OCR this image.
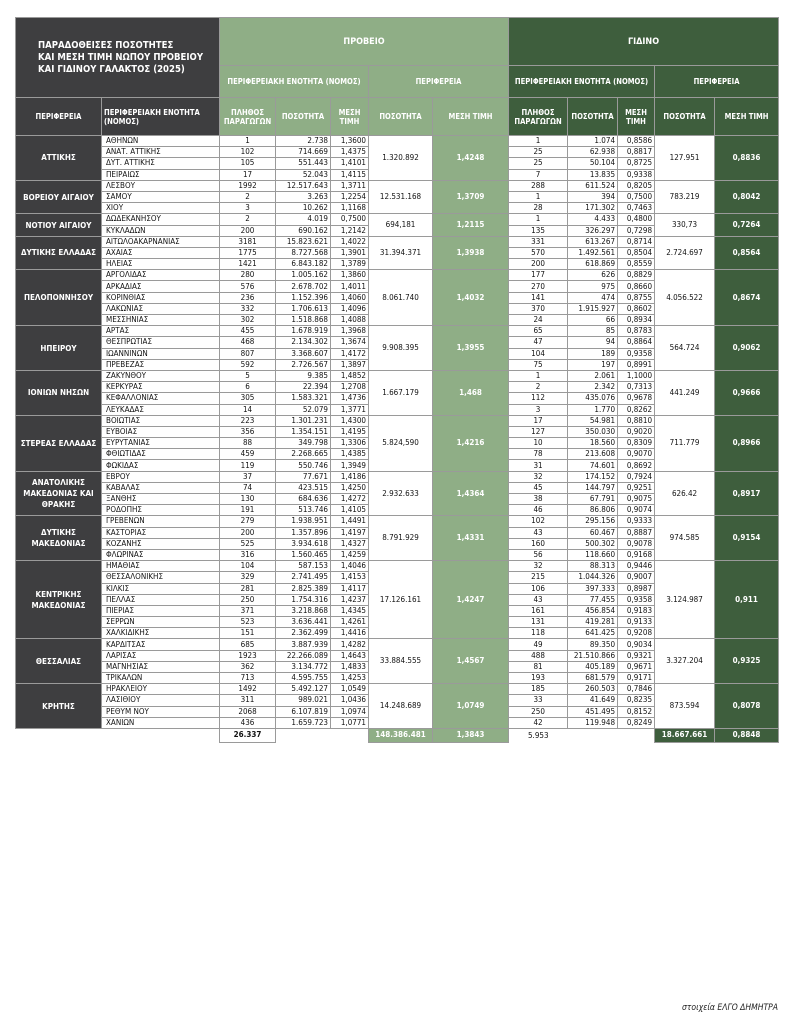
ΠΑΡΑΔΟΘΕΙΣΕΣ ΠΟΣΟΤΗΤΕΣ
ΚΑΙ ΜΕΣΗ ΤΙΜΗ ΝΩΠΟΥ ΠΡΟΒΕΙΟΥ
ΚΑΙ ΓΙΔΙΝΟΥ ΓΑΛΑΚΤΟΣ (2025)		ΠΡΟΒΕΙΟ					ΓΙΔΙΝΟ				
		ΠΕΡΙΦΕΡΕΙΑΚΗ ΕΝΟΤΗΤΑ (ΝΟΜΟΣ)			ΠΕΡΙΦΕΡΕΙΑ		ΠΕΡΙΦΕΡΕΙΑΚΗ ΕΝΟΤΗΤΑ (ΝΟΜΟΣ)			ΠΕΡΙΦΕΡΕΙΑ	
ΠΕΡΙΦΕΡΕΙΑ	ΠΕΡΙΦΕΡΕΙΑΚΗ ΕΝΟΤΗΤΑ (ΝΟΜΟΣ)	ΠΛΗΘΟΣ ΠΑΡΑΓΩΓΩΝ	ΠΟΣΟΤΗΤΑ	ΜΕΣΗ ΤΙΜΗ	ΠΟΣΟΤΗΤΑ	ΜΕΣΗ ΤΙΜΗ	ΠΛΗΘΟΣ ΠΑΡΑΓΩΓΩΝ	ΠΟΣΟΤΗΤΑ	ΜΕΣΗ ΤΙΜΗ	ΠΟΣΟΤΗΤΑ	ΜΕΣΗ ΤΙΜΗ
ΑΤΤΙΚΗΣ	ΑΘΗΝΩΝ	1	2.738	1,3600	1.320.892	1,4248	1	1.074	0,8586	127.951	0,8836
	ΑΝΑΤ. ΑΤΤΙΚΗΣ	102	714.669	1,4375			25	62.938	0,8817		
	ΔΥΤ. ΑΤΤΙΚΗΣ	105	551.443	1,4101			25	50.104	0,8725		
	ΠΕΙΡΑΙΩΣ	17	52.043	1,4115			7	13.835	0,9338		
ΒΟΡΕΙΟΥ ΑΙΓΑΙΟΥ	ΛΕΣΒΟΥ	1992	12.517.643	1,3711	12.531.168	1,3709	288	611.524	0,8205	783.219	0,8042
	ΣΑΜΟΥ	2	3.263	1,2254			1	394	0,7500		
	ΧΙΟΥ	3	10.262	1,1168			28	171.302	0,7463		
ΝΟΤΙΟΥ ΑΙΓΑΙΟΥ	ΔΩΔΕΚΑΝΗΣΟΥ	2	4.019	0,7500	694,181	1,2115	1	4.433	0,4800	330,73	0,7264
	ΚΥΚΛΑΔΩΝ	200	690.162	1,2142			135	326.297	0,7298		
ΔΥΤΙΚΗΣ ΕΛΛΑΔΑΣ	ΑΙΤΩΛΟΑΚΑΡΝΑΝΙΑΣ	3181	15.823.621	1,4022	31.394.371	1,3938	331	613.267	0,8714	2.724.697	0,8564
	ΑΧΑΙΑΣ	1775	8.727.568	1,3901			570	1.492.561	0,8504		
	ΗΛΕΙΑΣ	1421	6.843.182	1,3789			200	618.869	0,8559		
ΠΕΛΟΠΟΝΝΗΣΟΥ	ΑΡΓΟΛΙΔΑΣ	280	1.005.162	1,3860	8.061.740	1,4032	177	626	0,8829	4.056.522	0,8674
	ΑΡΚΑΔΙΑΣ	576	2.678.702	1,4011			270	975	0,8660		
	ΚΟΡΙΝΘΙΑΣ	236	1.152.396	1,4060			141	474	0,8755		
	ΛΑΚΩΝΙΑΣ	332	1.706.613	1,4096			370	1.915.927	0,8602		
	ΜΕΣΣΗΝΙΑΣ	302	1.518.868	1,4088			24	66	0,8934		
ΗΠΕΙΡΟΥ	ΑΡΤΑΣ	455	1.678.919	1,3968	9.908.395	1,3955	65	85	0,8783	564.724	0,9062
	ΘΕΣΠΡΩΤΙΑΣ	468	2.134.302	1,3674			47	94	0,8864		
	ΙΩΑΝΝΙΝΩΝ	807	3.368.607	1,4172			104	189	0,9358		
	ΠΡΕΒΕΖΑΣ	592	2.726.567	1,3897			75	197	0,8991		
ΙΟΝΙΩΝ ΝΗΣΩΝ	ΖΑΚΥΝΘΟΥ	5	9.385	1,4852	1.667.179	1,468	1	2.061	1,1000	441.249	0,9666
	ΚΕΡΚΥΡΑΣ	6	22.394	1,2708			2	2.342	0,7313		
	ΚΕΦΑΛΛΟΝΙΑΣ	305	1.583.321	1,4736			112	435.076	0,9678		
	ΛΕΥΚΑΔΑΣ	14	52.079	1,3771			3	1.770	0,8262		
ΣΤΕΡΕΑΣ ΕΛΛΑΔΑΣ	ΒΟΙΩΤΙΑΣ	223	1.301.231	1,4300	5.824,590	1,4216	17	54.981	0,8810	711.779	0,8966
	ΕΥΒΟΙΑΣ	356	1.354.151	1,4195			127	350.030	0,9020		
	ΕΥΡΥΤΑΝΙΑΣ	88	349.798	1,3306			10	18.560	0,8309		
	ΦΘΙΩΤΙΔΑΣ	459	2.268.665	1,4385			78	213.608	0,9070		
	ΦΩΚΙΔΑΣ	119	550.746	1,3949			31	74.601	0,8692		
ΑΝΑΤΟΛΙΚΗΣ ΜΑΚΕΔΟΝΙΑΣ ΚΑΙ ΘΡΑΚΗΣ	ΕΒΡΟΥ	37	77.671	1,4186	2.932.633	1,4364	32	174.152	0,7924	626.42	0,8917
	ΚΑΒΑΛΑΣ	74	423.515	1,4250			45	144.797	0,9251		
	ΞΑΝΘΗΣ	130	684.636	1,4272			38	67.791	0,9075		
	ΡΟΔΟΠΗΣ	191	513.746	1,4105			46	86.806	0,9074		
ΔΥΤΙΚΗΣ ΜΑΚΕΔΟΝΙΑΣ	ΓΡΕΒΕΝΩΝ	279	1.938.951	1,4491	8.791.929	1,4331	102	295.156	0,9333	974.585	0,9154
	ΚΑΣΤΟΡΙΑΣ	200	1.357.896	1,4197			43	60.467	0,8887		
	ΚΟΖΑΝΗΣ	525	3.934.618	1,4327			160	500.302	0,9078		
	ΦΛΩΡΙΝΑΣ	316	1.560.465	1,4259			56	118.660	0,9168		
ΚΕΝΤΡΙΚΗΣ ΜΑΚΕΔΟΝΙΑΣ	ΗΜΑΘΙΑΣ	104	587.153	1,4046	17.126.161	1,4247	32	88.313	0,9446	3.124.987	0,911
	ΘΕΣΣΑΛΟΝΙΚΗΣ	329	2.741.495	1,4153			215	1.044.326	0,9007		
	ΚΙΛΚΙΣ	281	2.825.389	1,4117			106	397.333	0,8987		
	ΠΕΛΛΑΣ	250	1.754.316	1,4237			43	77.455	0,9358		
	ΠΙΕΡΙΑΣ	371	3.218.868	1,4345			161	456.854	0,9183		
	ΣΕΡΡΩΝ	523	3.636.441	1,4261			131	419.281	0,9133		
	ΧΑΛΚΙΔΙΚΗΣ	151	2.362.499	1,4416			118	641.425	0,9208		
ΘΕΣΣΑΛΙΑΣ	ΚΑΡΔΙΤΣΑΣ	685	3.887.939	1,4282	33.884.555	1,4567	49	89.350	0,9034	3.327.204	0,9325
	ΛΑΡΙΣΑΣ	1923	22.266.089	1,4643			488	21.510.866	0,9321		
	ΜΑΓΝΗΣΙΑΣ	362	3.134.772	1,4833			81	405.189	0,9671		
	ΤΡΙΚΑΛΩΝ	713	4.595.755	1,4253			193	681.579	0,9171		
ΚΡΗΤΗΣ	ΗΡΑΚΛΕΙΟΥ	1492	5.492.127	1,0549	14.248.689	1,0749	185	260.503	0,7846	873.594	0,8078
	ΛΑΣΙΘΙΟΥ	311	989.021	1,0436			33	41.649	0,8235		
	ΡΕΘΥΜ ΝΟΥ	2068	6.107.819	1,0974			250	451.495	0,8152		
	ΧΑΝΙΩΝ	436	1.659.723	1,0771			42	119.948	0,8249		
		26.337			148.386.481	1,3843	5.953			18.667.661	0,8848
στοιχεία ΕΛΓΟ ΔΗΜΗΤΡΑ
